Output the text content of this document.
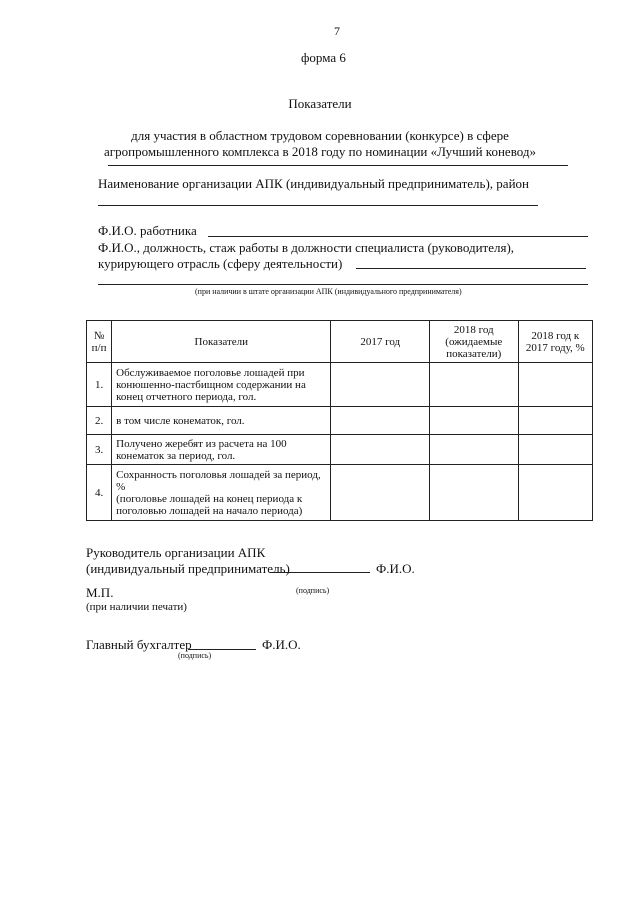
7
форма 6
Показатели
для участия в областном трудовом соревновании (конкурсе) в сфере
агропромышленного комплекса в 2018 году по номинации «Лучший коневод»
Наименование организации АПК (индивидуальный предприниматель), район
Ф.И.О. работника
Ф.И.О., должность, стаж работы в должности специалиста (руководителя),
курирующего отрасль (сферу деятельности)
(при наличии в штате организации АПК (индивидуального предпринимателя)
№ п/п	Показатели	2017 год	2018 год (ожидаемые показатели)	2018 год к 2017 году, %
1.	Обслуживаемое поголовье лошадей при конюшенно-пастбищном содержании на конец отчетного периода, гол.			
2.	в том числе конематок, гол.			
3.	Получено жеребят из расчета на 100 конематок за период, гол.			
4.	Сохранность поголовья лошадей за период, %
(поголовье лошадей на конец периода к поголовью лошадей на начало периода)			
Руководитель организации АПК
(индивидуальный предприниматель)	Ф.И.О.
(подпись)
М.П.
(при наличии печати)
Главный бухгалтер	Ф.И.О.
(подпись)
